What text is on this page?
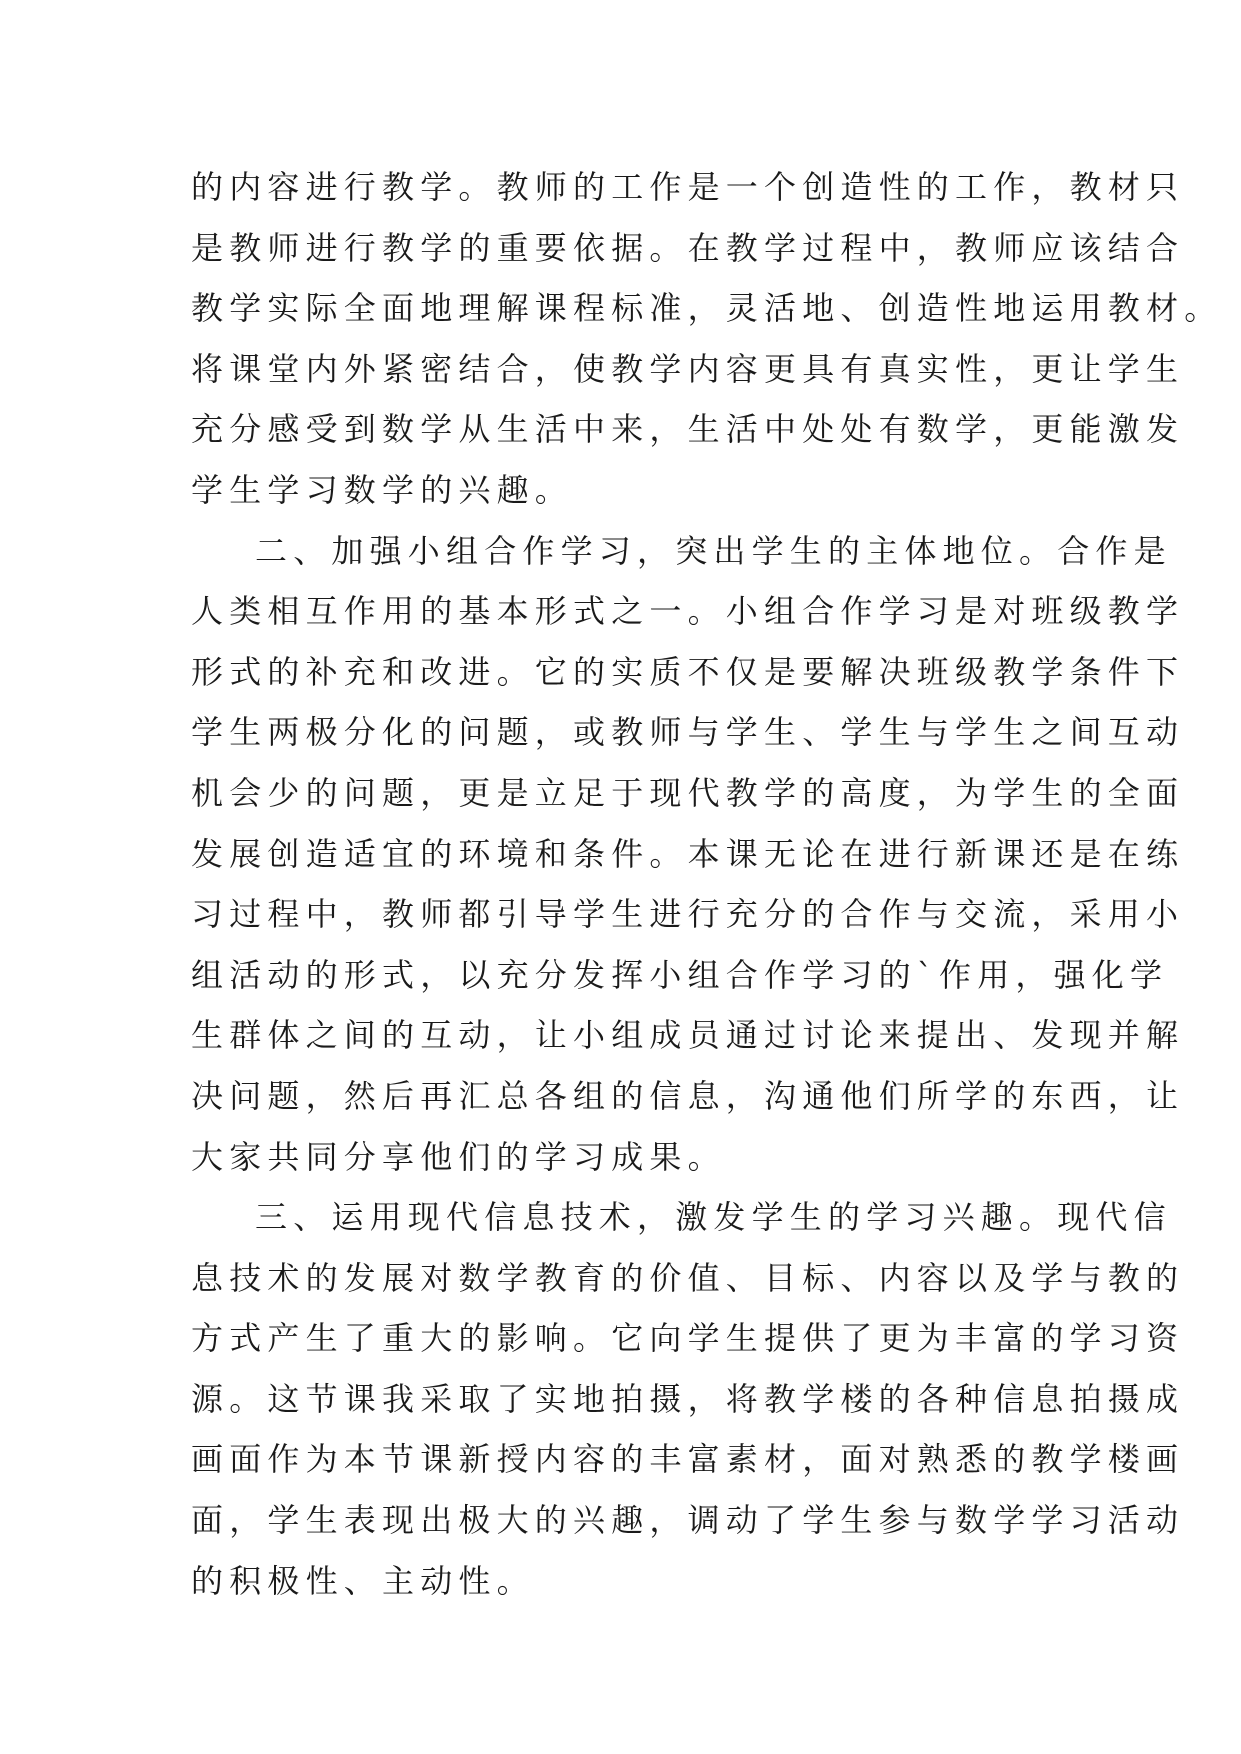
的内容进行教学。教师的工作是一个创造性的工作，教材只
是教师进行教学的重要依据。在教学过程中，教师应该结合
教学实际全面地理解课程标准，灵活地、创造性地运用教材。
将课堂内外紧密结合，使教学内容更具有真实性，更让学生
充分感受到数学从生活中来，生活中处处有数学，更能激发
学生学习数学的兴趣。
二、加强小组合作学习，突出学生的主体地位。合作是
人类相互作用的基本形式之一。小组合作学习是对班级教学
形式的补充和改进。它的实质不仅是要解决班级教学条件下
学生两极分化的问题，或教师与学生、学生与学生之间互动
机会少的问题，更是立足于现代教学的高度，为学生的全面
发展创造适宜的环境和条件。本课无论在进行新课还是在练
习过程中，教师都引导学生进行充分的合作与交流，采用小
组活动的形式，以充分发挥小组合作学习的`作用，强化学
生群体之间的互动，让小组成员通过讨论来提出、发现并解
决问题，然后再汇总各组的信息，沟通他们所学的东西，让
大家共同分享他们的学习成果。
三、运用现代信息技术，激发学生的学习兴趣。现代信
息技术的发展对数学教育的价值、目标、内容以及学与教的
方式产生了重大的影响。它向学生提供了更为丰富的学习资
源。这节课我采取了实地拍摄，将教学楼的各种信息拍摄成
画面作为本节课新授内容的丰富素材，面对熟悉的教学楼画
面，学生表现出极大的兴趣，调动了学生参与数学学习活动
的积极性、主动性。
